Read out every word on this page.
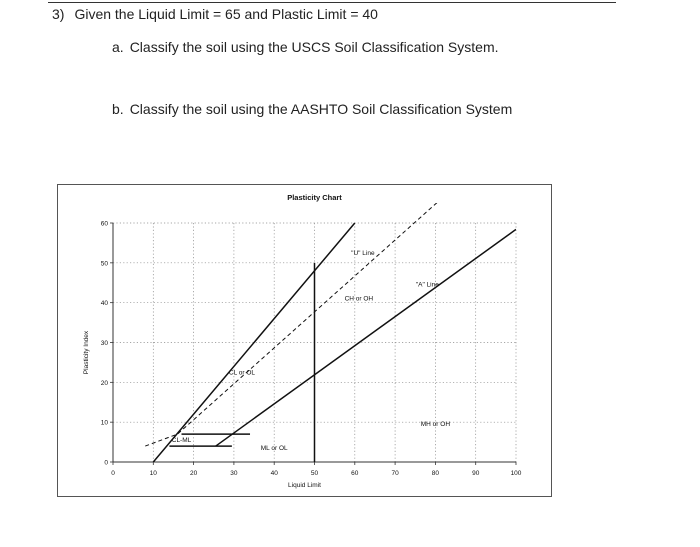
3) Given the Liquid Limit = 65 and Plastic Limit = 40
a. Classify the soil using the USCS Soil Classification System.
b. Classify the soil using the AASHTO Soil Classification System
Plasticity Chart
0	10	20	30	40	50	60	70	80	90	100
0
10
20
30
40
50
60
Liquid Limit
Plasticity Index	CL or OL
CH or OH
ML or OL
MH or OH
CL-ML
"U" Line
"A" Line
